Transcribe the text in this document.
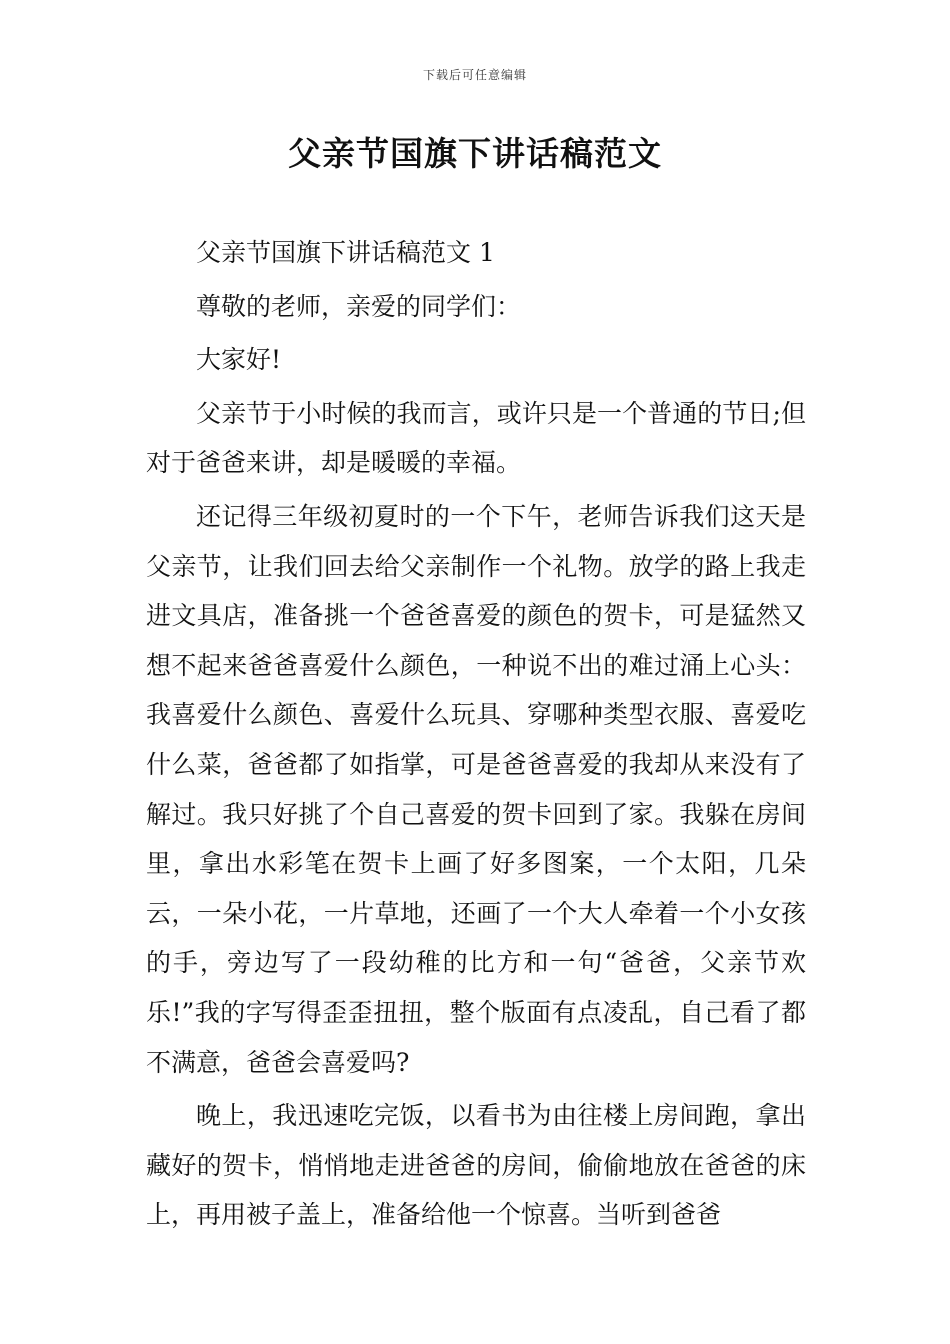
下载后可任意编辑
父亲节国旗下讲话稿范文

父亲节国旗下讲话稿范文 1

尊敬的老师，亲爱的同学们：

大家好!

父亲节于小时候的我而言，或许只是一个普通的节日;但对于爸爸来讲，却是暖暖的幸福。

还记得三年级初夏时的一个下午，老师告诉我们这天是父亲节，让我们回去给父亲制作一个礼物。放学的路上我走进文具店，准备挑一个爸爸喜爱的颜色的贺卡，可是猛然又想不起来爸爸喜爱什么颜色，一种说不出的难过涌上心头：我喜爱什么颜色、喜爱什么玩具、穿哪种类型衣服、喜爱吃什么菜，爸爸都了如指掌，可是爸爸喜爱的我却从来没有了解过。我只好挑了个自己喜爱的贺卡回到了家。我躲在房间里，拿出水彩笔在贺卡上画了好多图案，一个太阳，几朵云，一朵小花，一片草地，还画了一个大人牵着一个小女孩的手，旁边写了一段幼稚的比方和一句“爸爸，父亲节欢乐!”我的字写得歪歪扭扭，整个版面有点凌乱，自己看了都不满意，爸爸会喜爱吗?

晚上，我迅速吃完饭，以看书为由往楼上房间跑，拿出藏好的贺卡，悄悄地走进爸爸的房间，偷偷地放在爸爸的床上，再用被子盖上，准备给他一个惊喜。当听到爸爸
